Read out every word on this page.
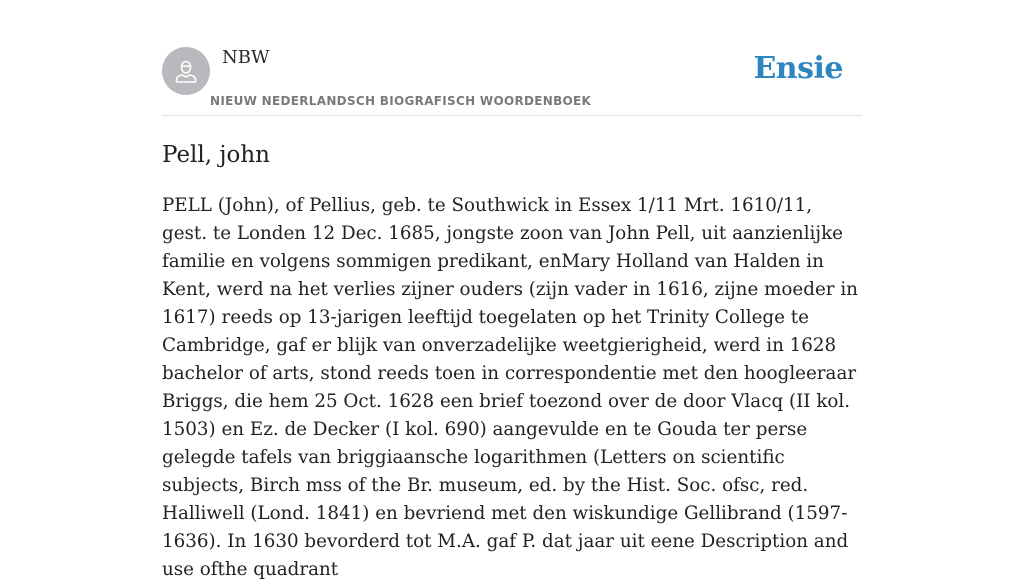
NBW
NIEUW NEDERLANDSCH BIOGRAFISCH WOORDENBOEK
Ensie
Pell, john

PELL (John), of Pellius, geb. te Southwick in Essex 1/11 Mrt. 1610/11, gest. te Londen 12 Dec. 1685, jongste zoon van John Pell, uit aanzienlijke familie en volgens sommigen predikant, enMary Holland van Halden in Kent, werd na het verlies zijner ouders (zijn vader in 1616, zijne moeder in 1617) reeds op 13-jarigen leeftijd toegelaten op het Trinity College te Cambridge, gaf er blijk van onverzadelijke weetgierigheid, werd in 1628 bachelor of arts, stond reeds toen in correspondentie met den hoogleeraar Briggs, die hem 25 Oct. 1628 een brief toezond over de door Vlacq (II kol. 1503) en Ez. de Decker (I kol. 690) aangevulde en te Gouda ter perse gelegde tafels van briggiaansche logarithmen (Letters on scientific subjects, Birch mss of the Br. museum, ed. by the Hist. Soc. ofsc, red. Halliwell (Lond. 1841) en bevriend met den wiskundige Gellibrand (1597-1636). In 1630 bevorderd tot M.A. gaf P. dat jaar uit eene Description and use ofthe quadrant
